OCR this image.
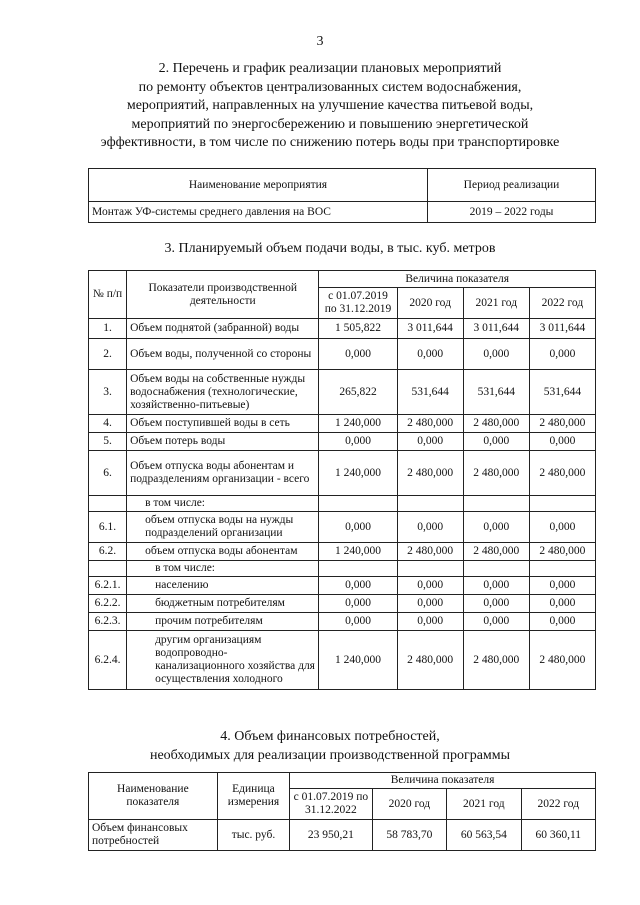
3
2. Перечень и график реализации плановых мероприятий
по ремонту объектов централизованных систем водоснабжения,
мероприятий, направленных на улучшение качества питьевой воды,
мероприятий по энергосбережению и повышению энергетической
эффективности, в том числе по снижению потерь воды при транспортировке
Наименование мероприятия	Период реализации
Монтаж УФ-системы среднего давления на ВОС	2019 – 2022 годы
3. Планируемый объем подачи воды, в тыс. куб. метров
№ п/п	Показатели производственной деятельности	Величина показателя			
		с 01.07.2019 по 31.12.2019	2020 год	2021 год	2022 год
1.	Объем поднятой (забранной) воды	1 505,822	3 011,644	3 011,644	3 011,644
2.	Объем воды, полученной со стороны	0,000	0,000	0,000	0,000
3.	Объем воды на собственные нужды водоснабжения (технологические, хозяйственно-питьевые)	265,822	531,644	531,644	531,644
4.	Объем поступившей воды в сеть	1 240,000	2 480,000	2 480,000	2 480,000
5.	Объем потерь воды	0,000	0,000	0,000	0,000
6.	Объем отпуска воды абонентам и подразделениям организации - всего	1 240,000	2 480,000	2 480,000	2 480,000
	в том числе:				
6.1.	объем отпуска воды на нужды подразделений организации	0,000	0,000	0,000	0,000
6.2.	объем отпуска воды абонентам	1 240,000	2 480,000	2 480,000	2 480,000
	в том числе:				
6.2.1.	населению	0,000	0,000	0,000	0,000
6.2.2.	бюджетным потребителям	0,000	0,000	0,000	0,000
6.2.3.	прочим потребителям	0,000	0,000	0,000	0,000
6.2.4.	другим организациям водопроводно-канализационного хозяйства для осуществления холодного	1 240,000	2 480,000	2 480,000	2 480,000
4. Объем финансовых потребностей,
необходимых для реализации производственной программы
Наименование показателя	Единица измерения	Величина показателя			
		с 01.07.2019 по 31.12.2022	2020 год	2021 год	2022 год
Объем финансовых потребностей	тыс. руб.	23 950,21	58 783,70	60 563,54	60 360,11
